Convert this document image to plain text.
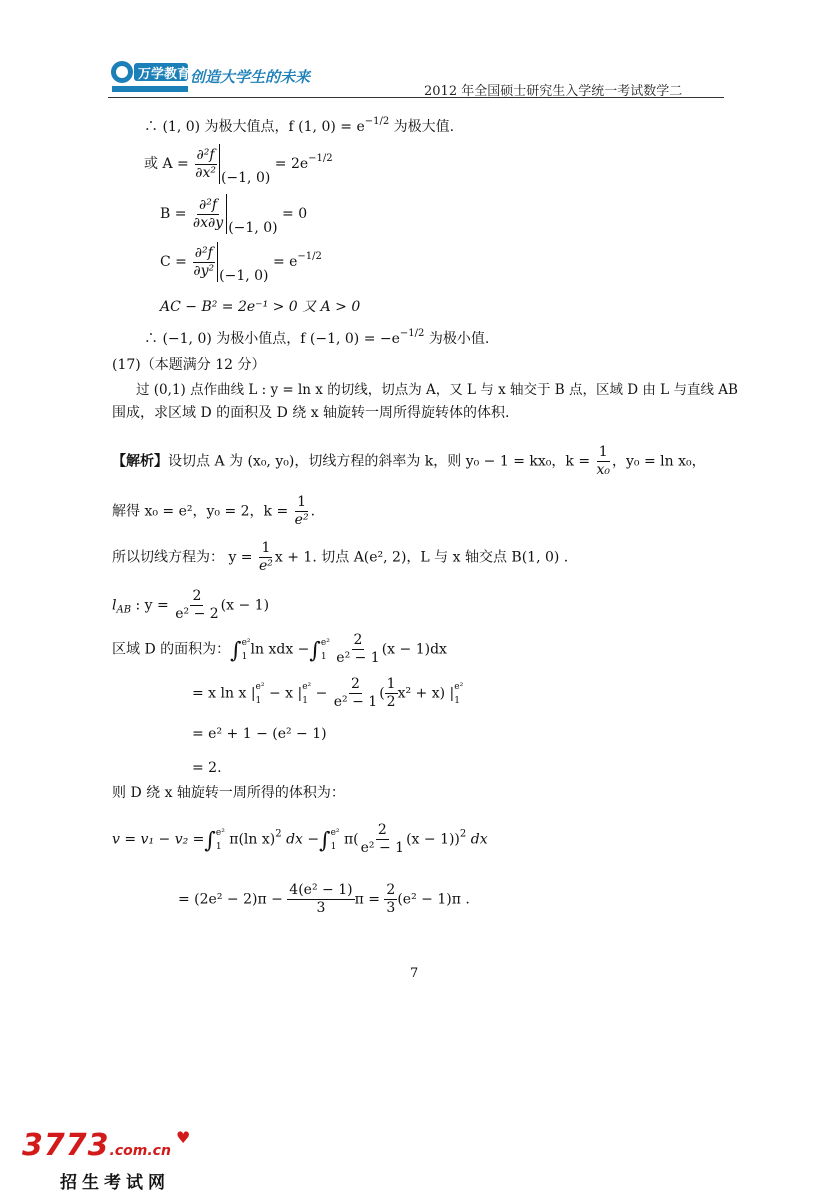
万学教育 创造大学生的未来
2012 年全国硕士研究生入学统一考试数学二
∴ (1, 0) 为极大值点，f (1, $0) = e^{-1/2}$ 为极大值.
或 $A = \frac{\text{∂²f}}{\text{∂x²}} (-1$, $0) = 2e^{-1/2}$
$B = \frac{\text{∂²f}}{\partial x\partial y} (-1$, 0) = 0
$C = \frac{\text{∂²f}}{\text{∂y²}} (-1$, $0) = e^{-1/2}$
AC − B² = 2e⁻¹ > 0 又 A > 0
∴ (−1, 0) 为极小值点，f (−1, $0) = -e^{-1/2}$ 为极小值.
(17)（本题满分 12 分）
过 (0,1) 点作曲线 L : y = ln x 的切线，切点为 A，又 L 与 x 轴交于 B 点，区域 D 由 L 与直线 AB
围成，求区域 D 的面积及 D 绕 x 轴旋转一周所得旋转体的体积.
【解析】设切点 A 为 (x₀, y₀)，切线方程的斜率为 k，则 y₀ − 1 = kx₀，$k = \frac{1}{\text{x₀}}$ ，y₀ = ln x₀，
解得 x₀ = e²，y₀ = 2，$k = \frac{1}{\text{e²}}$ .
所以切线方程为： $y = \frac{1}{\text{e²}}$ x + 1. 切点 A(e², 2)，L 与 x 轴交点 B(1, 0) .
$l_{AB}$ : $y = \frac{2}{\text{e² − 2}} (x - 1)$
区域 D 的面积为：∫ e²
1 ln xdx −∫ e²
1
$\frac{2}{\text{e² − 1}} (x - 1)dx$
= x ln x | e²
1 − x | e²
$1 - \frac{2}{\text{e² − 1}}$ ( $\frac{1}{2} x^2 + x$) | e²
1
= e² + 1 − (e² − 1)
= 2.
则 D 绕 x 轴旋转一周所得的体积为：
v = v₁ − v₂ =∫ e²
1 π(ln x)$^2$ dx −∫ e²
1 $\pi( \frac{2}{\text{e² − 1}} (x - 1))^2$ dx
= $(2e^2 - 2)\pi - \frac{\text{4(e² − 1)}}{3}$ $\pi = \frac{2}{3} (e^2 - 1)\pi$ .
7
3773.com.cn ♥
招生考试网
